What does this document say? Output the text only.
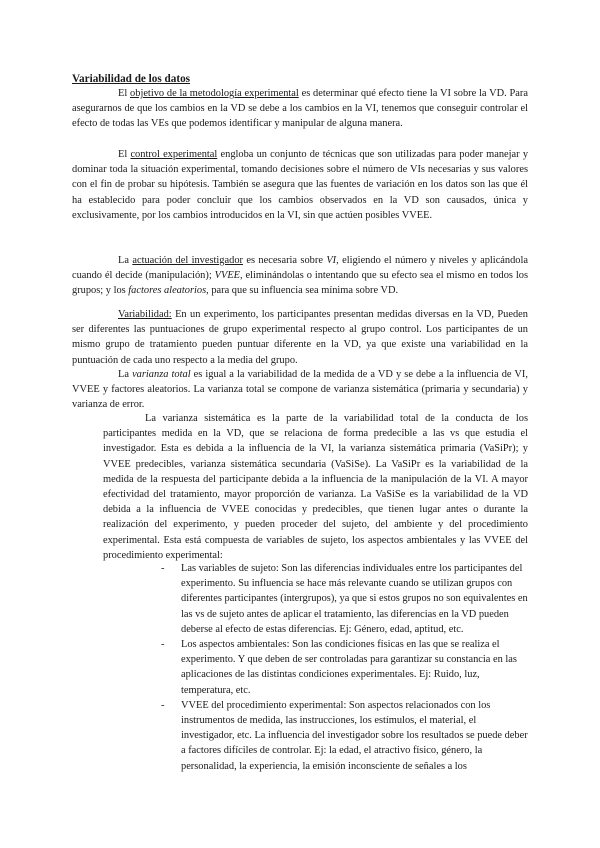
Variabilidad de los datos

El objetivo de la metodología experimental es determinar qué efecto tiene la VI sobre la VD. Para asegurarnos de que los cambios en la VD se debe a los cambios en la VI, tenemos que conseguir controlar el efecto de todas las VEs que podemos identificar y manipular de alguna manera.

El control experimental engloba un conjunto de técnicas que son utilizadas para poder manejar y dominar toda la situación experimental, tomando decisiones sobre el número de VIs necesarias y sus valores con el fin de probar su hipótesis. También se asegura que las fuentes de variación en los datos son las que él ha establecido para poder concluir que los cambios observados en la VD son causados, única y exclusivamente, por los cambios introducidos en la VI, sin que actúen posibles VVEE.

La actuación del investigador es necesaria sobre VI, eligiendo el número y niveles y aplicándola cuando él decide (manipulación); VVEE, eliminándolas o intentando que su efecto sea el mismo en todos los grupos; y los factores aleatorios, para que su influencia sea mínima sobre VD.

Variabilidad: En un experimento, los participantes presentan medidas diversas en la VD, Pueden ser diferentes las puntuaciones de grupo experimental respecto al grupo control. Los participantes de un mismo grupo de tratamiento pueden puntuar diferente en la VD, ya que existe una variabilidad en la puntuación de cada uno respecto a la media del grupo.

La varianza total es igual a la variabilidad de la medida de a VD y se debe a la influencia de VI, VVEE y factores aleatorios. La varianza total se compone de varianza sistemática (primaria y secundaria) y varianza de error.

La varianza sistemática es la parte de la variabilidad total de la conducta de los participantes medida en la VD, que se relaciona de forma predecible a las vs que estudia el investigador. Esta es debida a la influencia de la VI, la varianza sistemática primaria (VaSiPr); y VVEE predecibles, varianza sistemática secundaria (VaSiSe). La VaSiPr es la variabilidad de la medida de la respuesta del participante debida a la influencia de la manipulación de la VI. A mayor efectividad del tratamiento, mayor proporción de varianza. La VaSiSe es la variabilidad de la VD debida a la influencia de VVEE conocidas y predecibles, que tienen lugar antes o durante la realización del experimento, y pueden proceder del sujeto, del ambiente y del procedimiento experimental. Esta está compuesta de variables de sujeto, los aspectos ambientales y las VVEE del procedimiento experimental:

- Las variables de sujeto: Son las diferencias individuales entre los participantes del experimento. Su influencia se hace más relevante cuando se utilizan grupos con diferentes participantes (intergrupos), ya que si estos grupos no son equivalentes en las vs de sujeto antes de aplicar el tratamiento, las diferencias en la VD pueden deberse al efecto de estas diferencias. Ej: Género, edad, aptitud, etc.
- Los aspectos ambientales: Son las condiciones físicas en las que se realiza el experimento. Y que deben de ser controladas para garantizar su constancia en las aplicaciones de las distintas condiciones experimentales. Ej: Ruido, luz, temperatura, etc.
- VVEE del procedimiento experimental: Son aspectos relacionados con los instrumentos de medida, las instrucciones, los estímulos, el material, el investigador, etc. La influencia del investigador sobre los resultados se puede deber a factores difíciles de controlar. Ej: la edad, el atractivo físico, género, la personalidad, la experiencia, la emisión inconsciente de señales a los
